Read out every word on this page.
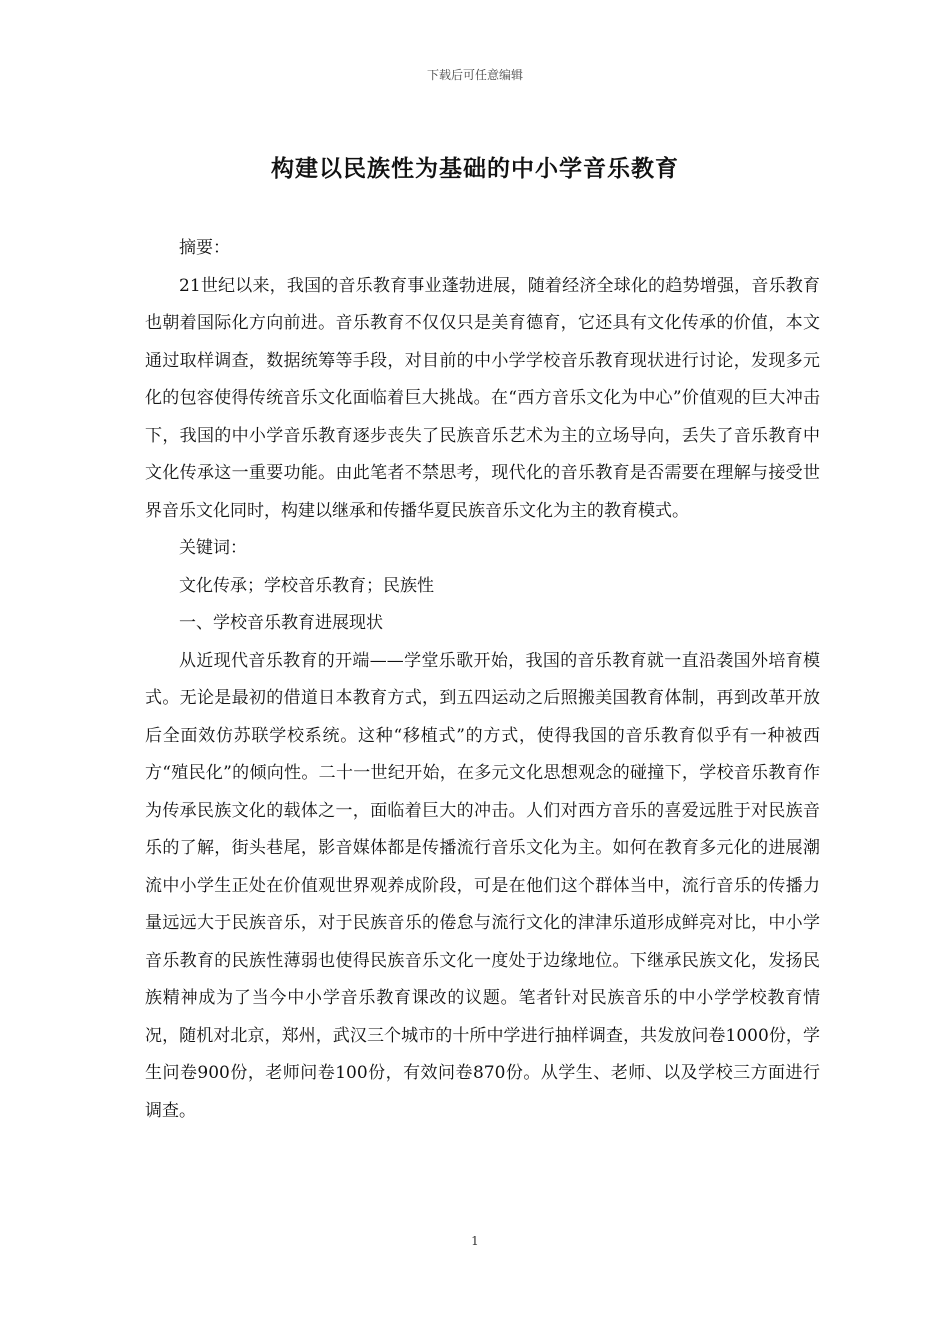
下载后可任意编辑
构建以民族性为基础的中小学音乐教育

摘要：

21世纪以来，我国的音乐教育事业蓬勃进展，随着经济全球化的趋势增强，音乐教育也朝着国际化方向前进。音乐教育不仅仅只是美育德育，它还具有文化传承的价值，本文通过取样调查，数据统筹等手段，对目前的中小学学校音乐教育现状进行讨论，发现多元化的包容使得传统音乐文化面临着巨大挑战。在“西方音乐文化为中心”价值观的巨大冲击下，我国的中小学音乐教育逐步丧失了民族音乐艺术为主的立场导向，丢失了音乐教育中文化传承这一重要功能。由此笔者不禁思考，现代化的音乐教育是否需要在理解与接受世界音乐文化同时，构建以继承和传播华夏民族音乐文化为主的教育模式。

关键词：

文化传承；学校音乐教育；民族性

一、学校音乐教育进展现状

从近现代音乐教育的开端——学堂乐歌开始，我国的音乐教育就一直沿袭国外培育模式。无论是最初的借道日本教育方式，到五四运动之后照搬美国教育体制，再到改革开放后全面效仿苏联学校系统。这种“移植式”的方式，使得我国的音乐教育似乎有一种被西方“殖民化”的倾向性。二十一世纪开始，在多元文化思想观念的碰撞下，学校音乐教育作为传承民族文化的载体之一，面临着巨大的冲击。人们对西方音乐的喜爱远胜于对民族音乐的了解，街头巷尾，影音媒体都是传播流行音乐文化为主。如何在教育多元化的进展潮流中小学生正处在价值观世界观养成阶段，可是在他们这个群体当中，流行音乐的传播力量远远大于民族音乐，对于民族音乐的倦怠与流行文化的津津乐道形成鲜亮对比，中小学音乐教育的民族性薄弱也使得民族音乐文化一度处于边缘地位。下继承民族文化，发扬民族精神成为了当今中小学音乐教育课改的议题。笔者针对民族音乐的中小学学校教育情况，随机对北京，郑州，武汉三个城市的十所中学进行抽样调查，共发放问卷1000份，学生问卷900份，老师问卷100份，有效问卷870份。从学生、老师、以及学校三方面进行调查。

1
